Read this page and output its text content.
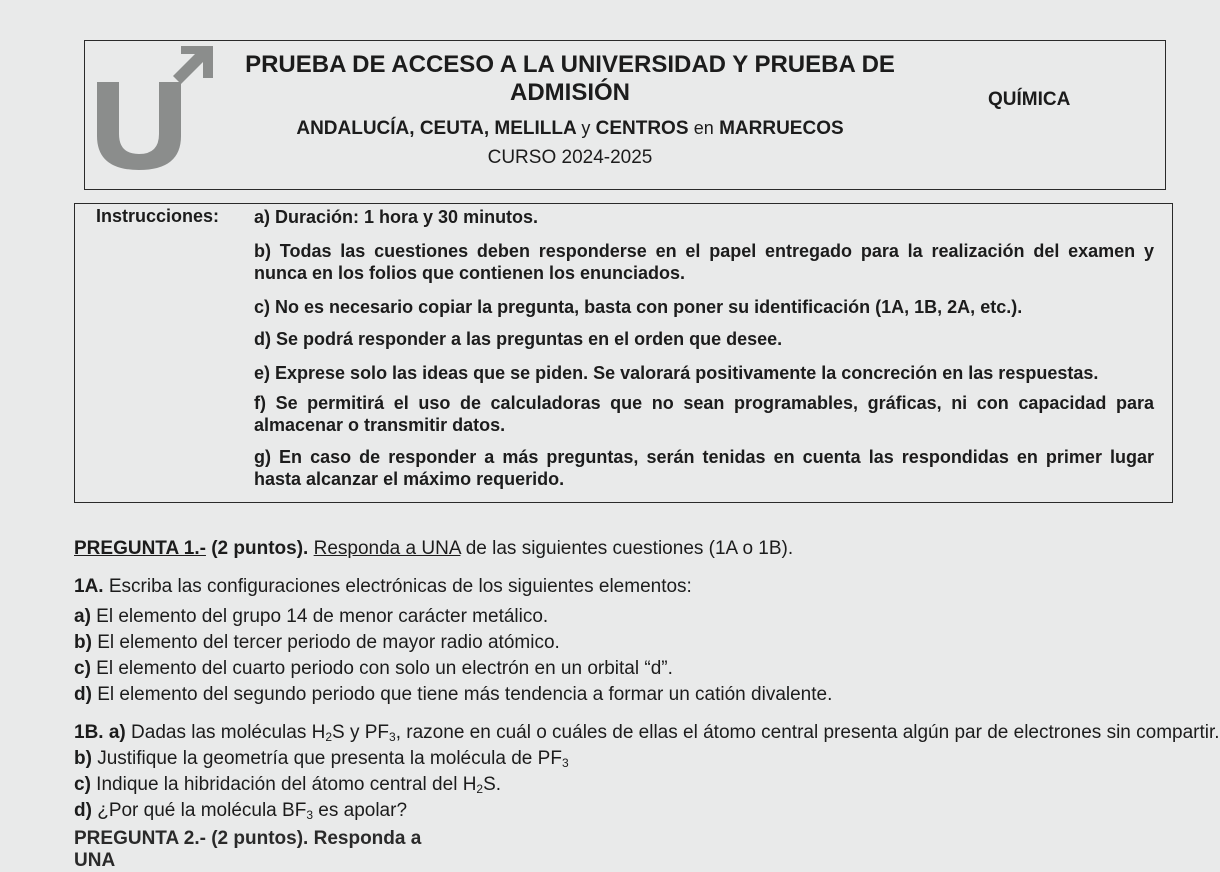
PRUEBA DE ACCESO A LA UNIVERSIDAD Y PRUEBA DE
ADMISIÓN
ANDALUCÍA, CEUTA, MELILLA y CENTROS en MARRUECOS
CURSO 2024-2025
QUÍMICA
Instrucciones: a) Duración: 1 hora y 30 minutos.
b) Todas las cuestiones deben responderse en el papel entregado para la realización del examen y nunca en los folios que contienen los enunciados.
c) No es necesario copiar la pregunta, basta con poner su identificación (1A, 1B, 2A, etc.).
d) Se podrá responder a las preguntas en el orden que desee.
e) Exprese solo las ideas que se piden. Se valorará positivamente la concreción en las respuestas.
f) Se permitirá el uso de calculadoras que no sean programables, gráficas, ni con capacidad para almacenar o transmitir datos.
g) En caso de responder a más preguntas, serán tenidas en cuenta las respondidas en primer lugar hasta alcanzar el máximo requerido.
PREGUNTA 1.- (2 puntos). Responda a UNA de las siguientes cuestiones (1A o 1B).
1A. Escriba las configuraciones electrónicas de los siguientes elementos:
a) El elemento del grupo 14 de menor carácter metálico.
b) El elemento del tercer periodo de mayor radio atómico.
c) El elemento del cuarto periodo con solo un electrón en un orbital “d”.
d) El elemento del segundo periodo que tiene más tendencia a formar un catión divalente.
1B. a) Dadas las moléculas $H_2S$ y $PF_3$, razone en cuál o cuáles de ellas el átomo central presenta algún par de electrones sin compartir.
b) Justifique la geometría que presenta la molécula de $PF_3$
c) Indique la hibridación del átomo central del $H_2S$.
d) ¿Por qué la molécula $BF_3$ es apolar?
PREGUNTA 2.- (2 puntos). Responda a UNA
